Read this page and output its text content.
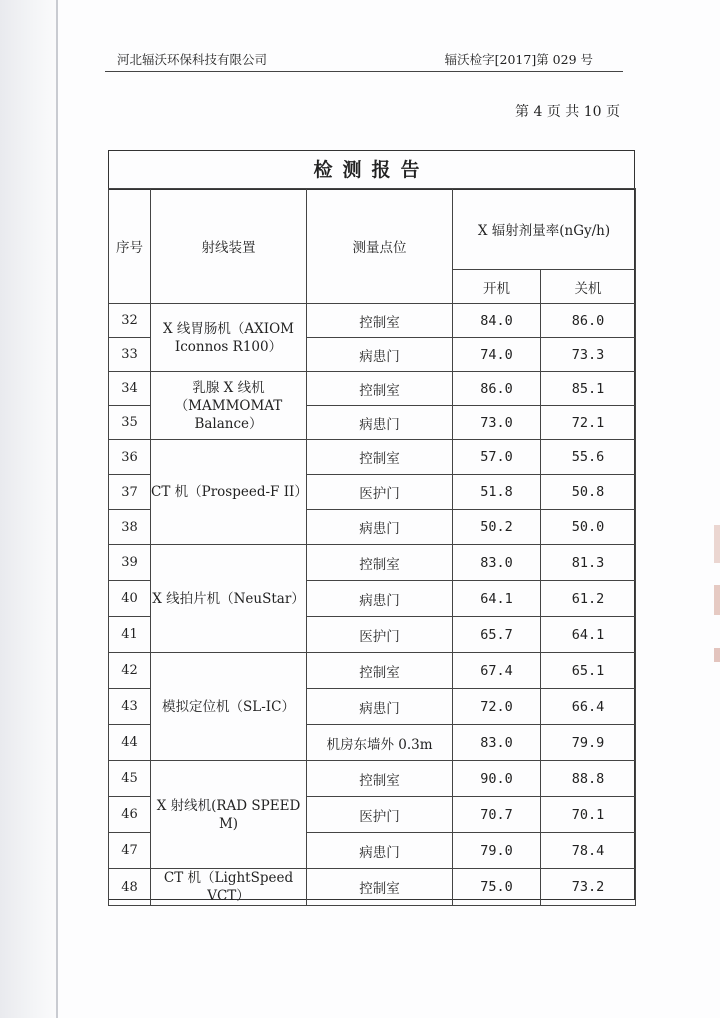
河北辐沃环保科技有限公司	辐沃检字[2017]第 029 号
第 4 页 共 10 页
检测报告
序号	射线装置	测量点位	X 辐射剂量率(nGy/h)	
			开机	关机
32	X 线胃肠机（AXIOM Iconnos R100）	控制室	84.0	86.0
33		病患门	74.0	73.3
34	乳腺 X 线机（MAMMOMAT Balance）	控制室	86.0	85.1
35		病患门	73.0	72.1
36	CT 机（Prospeed-F II）	控制室	57.0	55.6
37		医护门	51.8	50.8
38		病患门	50.2	50.0
39	X 线拍片机（NeuStar）	控制室	83.0	81.3
40		病患门	64.1	61.2
41		医护门	65.7	64.1
42	模拟定位机（SL-IC）	控制室	67.4	65.1
43		病患门	72.0	66.4
44		机房东墙外 0.3m	83.0	79.9
45	X 射线机(RAD SPEED M)	控制室	90.0	88.8
46		医护门	70.7	70.1
47		病患门	79.0	78.4
48	CT 机（LightSpeed VCT）	控制室	75.0	73.2
